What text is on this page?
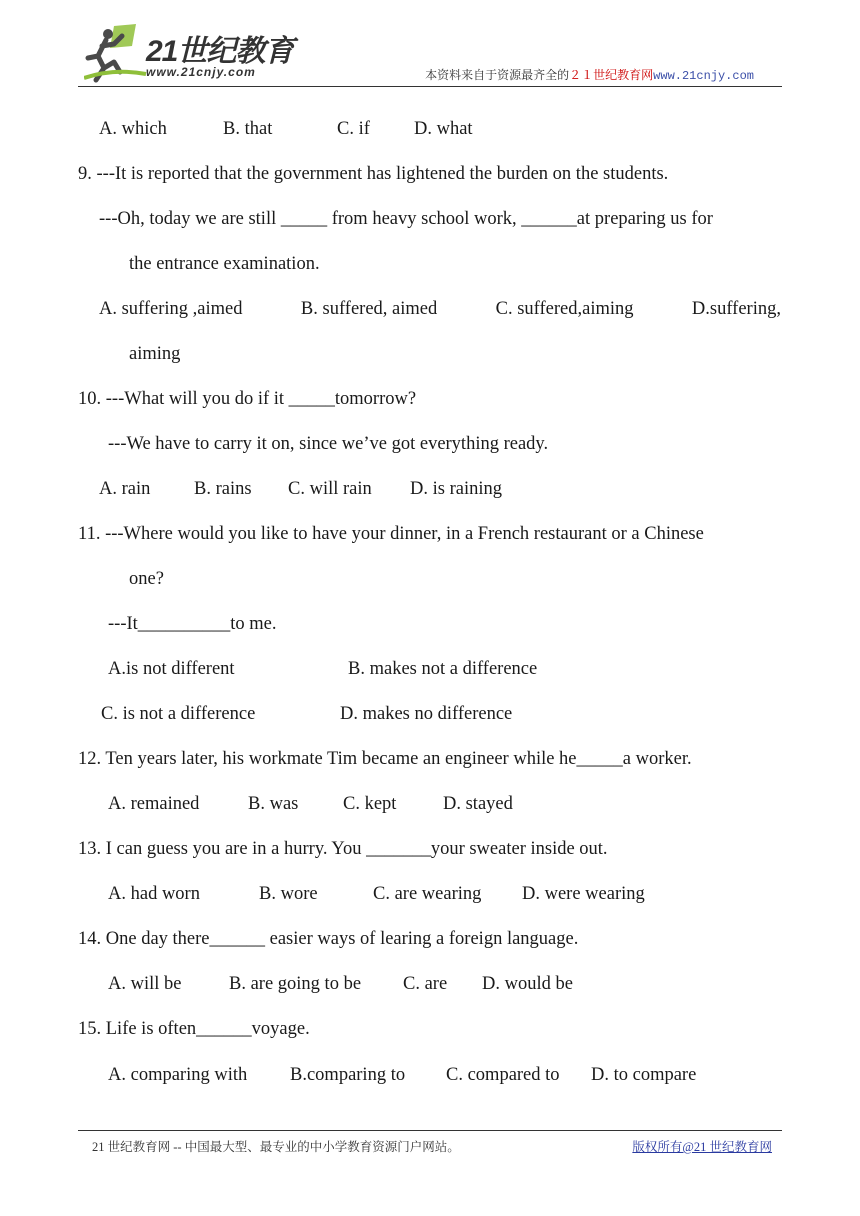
21世纪教育
www.21cnjy.com	本资料来自于资源最齐全的２１世纪教育网www.21cnjy.com
A. which	B. that	C. if D. what
9. ---It is reported that the government has lightened the burden on the students.
---Oh, today we are still _____ from heavy school work, ______at preparing us for
the entrance examination.
A. suffering ,aimed	B. suffered, aimed	C. suffered,aiming	D.suffering,
aiming
10. ---What will you do if it _____tomorrow?
---We have to carry it on, since we’ve got everything ready.
A. rain B. rains C. will rain D. is raining
11. ---Where would you like to have your dinner, in a French restaurant or a Chinese
one?
---It__________to me.
A.is not different	B. makes not a difference
C. is not a difference	D. makes no difference
12. Ten years later, his workmate Tim became an engineer while he_____a worker.
A. remained	B. was C. kept	D. stayed
13. I can guess you are in a hurry. You _______your sweater inside out.
A. had worn	B. wore	C. are wearing D. were wearing
14. One day there______ easier ways of learing a foreign language.
A. will be	B. are going to be C. are D. would be
15. Life is often______voyage.
A. comparing with B.comparing to C. compared to D. to compare
21 世纪教育网 -- 中国最大型、最专业的中小学教育资源门户网站。	版权所有@21 世纪教育网
